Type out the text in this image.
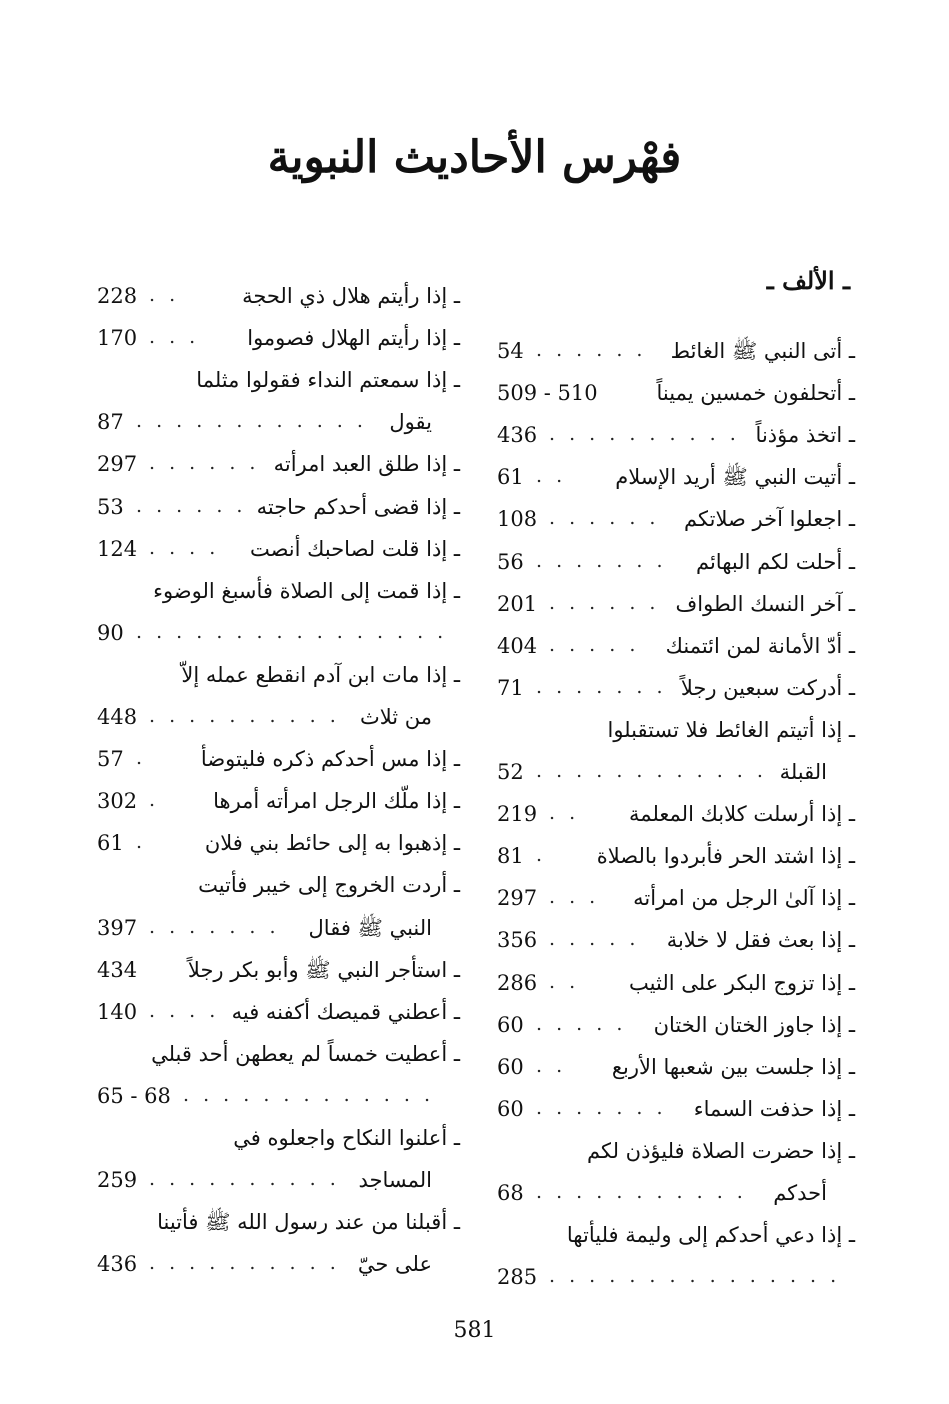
فهْرس الأحاديث النبوية
ـ الألف ـ
ـ أتى النبي ﷺ الغائط
. . . . . .
54
ـ أتحلفون خمسين يميناً
509 - 510
ـ اتخذ مؤذناً
. . . . . . . . . .
436
ـ أتيت النبي ﷺ أريد الإسلام
. .
61
ـ اجعلوا آخر صلاتكم
. . . . . .
108
ـ أحلت لكم البهائم
. . . . . . .
56
ـ آخر النسك الطواف
. . . . . .
201
ـ أدّ الأمانة لمن ائتمنك
. . . . .
404
ـ أدركت سبعين رجلاً
. . . . . . .
71
ـ إذا أتيتم الغائط فلا تستقبلوا
القبلة
. . . . . . . . . . . .
52
ـ إذا أرسلت كلابك المعلمة
. .
219
ـ إذا اشتد الحر فأبردوا بالصلاة
.
81
ـ إذا آلىٰ الرجل من امرأته
. . .
297
ـ إذا بعث فقل لا خلابة
. . . . .
356
ـ إذا تزوج البكر على الثيب
. .
286
ـ إذا جاوز الختان الختان
. . . . .
60
ـ إذا جلست بين شعبها الأربع
. .
60
ـ إذا حذفت السماء
. . . . . . .
60
ـ إذا حضرت الصلاة فليؤذن لكم
أحدكم
. . . . . . . . . . .
68
ـ إذا دعي أحدكم إلى وليمة فليأتها
. . . . . . . . . . . . . . .
285
ـ إذا رأيتم هلال ذي الحجة
. .
228
ـ إذا رأيتم الهلال فصوموا
. . .
170
ـ إذا سمعتم النداء فقولوا مثلما
يقول
. . . . . . . . . . . .
87
ـ إذا طلق العبد امرأته
. . . . . .
297
ـ إذا قضى أحدكم حاجته
. . . . . .
53
ـ إذا قلت لصاحبك أنصت
. . . .
124
ـ إذا قمت إلى الصلاة فأسبغ الوضوء
. . . . . . . . . . . . . . . .
90
ـ إذا مات ابن آدم انقطع عمله إلاّ
من ثلاث
. . . . . . . . . .
448
ـ إذا مس أحدكم ذكره فليتوضأ
.
57
ـ إذا ملّك الرجل امرأته أمرها
.
302
ـ إذهبوا به إلى حائط بني فلان
.
61
ـ أردت الخروج إلى خيبر فأتيت
النبي ﷺ فقال
. . . . . . .
397
ـ استأجر النبي ﷺ وأبو بكر رجلاً
434
ـ أعطني قميصك أكفنه فيه
. . . .
140
ـ أعطيت خمساً لم يعطهن أحد قبلي
. . . . . . . . . . . . .
65 - 68
ـ أعلنوا النكاح واجعلوه في
المساجد
. . . . . . . . . .
259
ـ أقبلنا من عند رسول الله ﷺ فأتينا
على حيّ
. . . . . . . . . .
436
581
